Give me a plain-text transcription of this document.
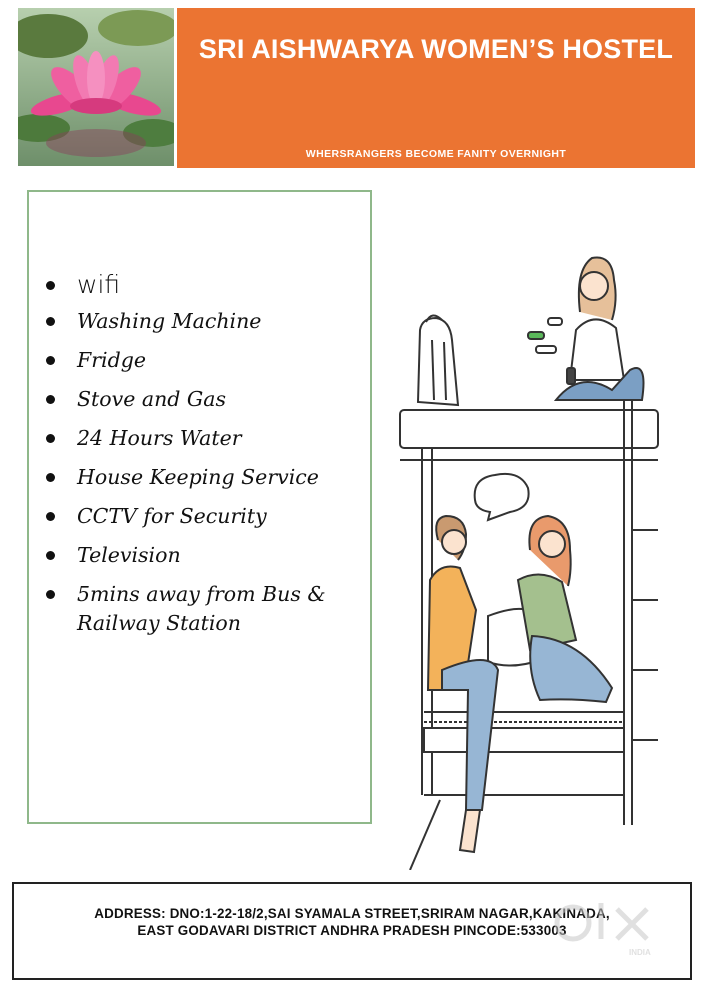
SRI AISHWARYA WOMEN’S HOSTEL
WHERSRANGERS BECOME FANITY OVERNIGHT
wifi
Washing Machine
Fridge
Stove and Gas
24 Hours Water
House Keeping Service
CCTV for Security
Television
5mins away from Bus & Railway Station
ADDRESS: DNO:1-22-18/2,SAI SYAMALA STREET,SRIRAM NAGAR,KAKINADA,
EAST GODAVARI DISTRICT ANDHRA PRADESH PINCODE:533003
INDIA
